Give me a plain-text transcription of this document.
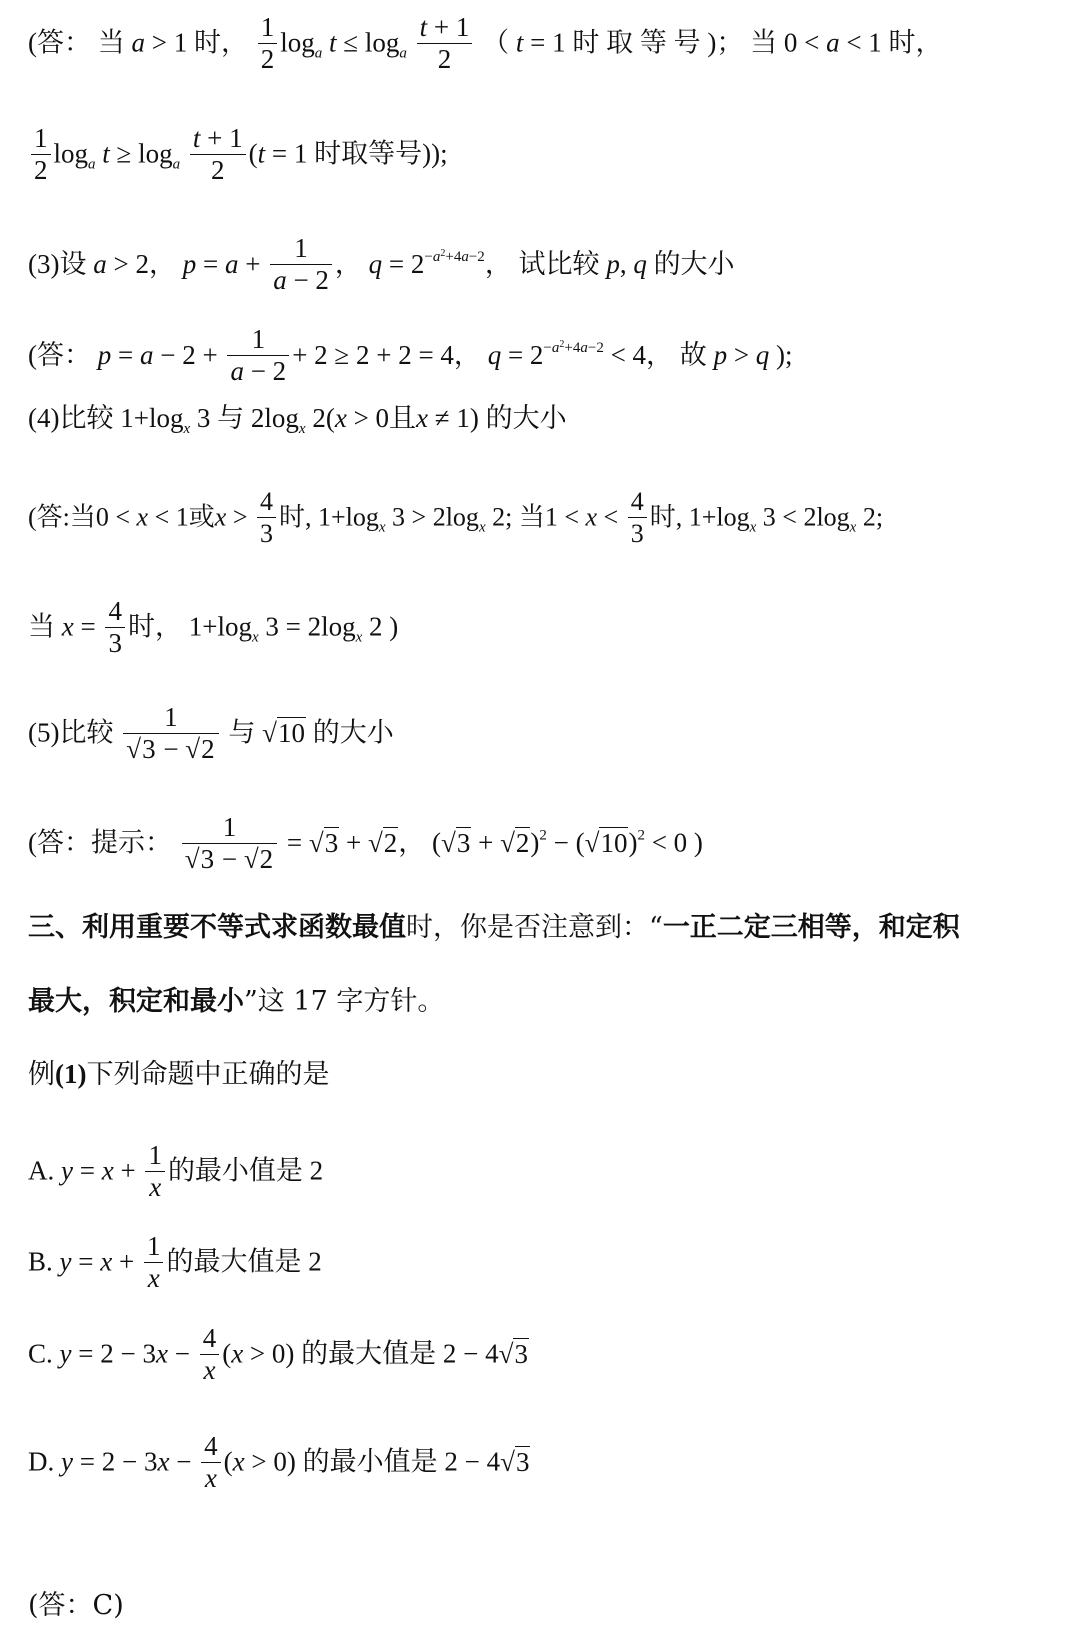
(答： 当 a > 1 时， $\frac{1}{2} \log_a t \le \log_a \frac{t + 1}{2}$ （ t = 1 时 取 等 号 )； 当 0 < a < 1 时，
$\frac{1}{2} \log_a t \ge \log_a \frac{t + 1}{2} (t = 1$ 时取等号));
(3)设 a > 2， $p = a + \frac{1}{a - 2}$ ， $q = 2^{-a^2+4a-2}$， 试比较 p, q 的大小
(答： $p = a - 2 + \frac{1}{a - 2} + 2 \ge 2 + 2 = 4$， $q = 2^{-a^2+4a-2} < 4$， 故 p > q );
(4)比较 $1+\log_x$ 3 与 $2\log_x$ 2(x > 0且x ≠ 1) 的大小
(答:当0 < x < 1或$x > \frac{4}{3}$ 时, $1+\log_x$ $3 > 2\log_x$ 2; 当$1 < x < \frac{4}{3}$ 时, $1+\log_x$ $3 < 2\log_x$ 2;
当 $x = \frac{4}{3}$ 时， $1+\log_x$ $3 = 2\log_x$ 2 )
(5)比较 $\frac{1}{√3 - √2}$ 与 √10 的大小
(答：提示： $\frac{1}{√3 - √2} = √3 + √2$， $(√3 + √2)^2 - (√10)^2 < 0$ )
三、利用重要不等式求函数最值时，你是否注意到：“一正二定三相等，和定积
最大，积定和最小”这 17 字方针。
例(1)下列命题中正确的是
A. $y = x + \frac{1}{x}$ 的最小值是 2
B. $y = x + \frac{1}{x}$ 的最大值是 2
C. $y = 2 - 3x - \frac{4}{x} (x > 0)$ 的最大值是 2 − 4√3
D. $y = 2 - 3x - \frac{4}{x} (x > 0)$ 的最小值是 2 − 4√3
(答：C)
